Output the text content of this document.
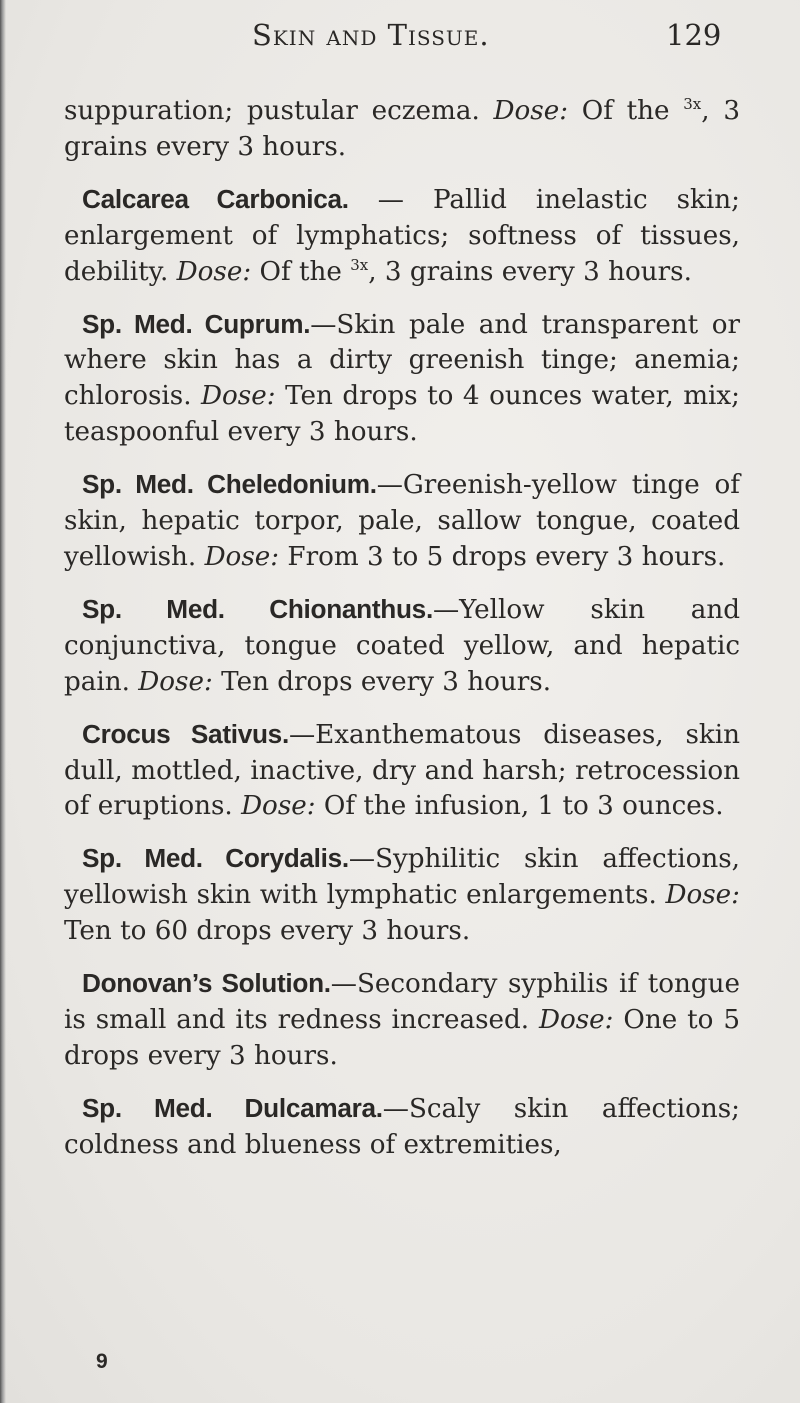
Skin and Tissue.	129

suppuration; pustular eczema. Dose: Of the $^{3x}$, 3 grains every 3 hours.

Calcarea Carbonica. — Pallid inelastic skin; enlargement of lymphatics; softness of tissues, debility. Dose: Of the $^{3x}$, 3 grains every 3 hours.

Sp. Med. Cuprum.—Skin pale and transparent or where skin has a dirty greenish tinge; anemia; chlorosis. Dose: Ten drops to 4 ounces water, mix; teaspoonful every 3 hours.

Sp. Med. Cheledonium.—Greenish-yellow tinge of skin, hepatic torpor, pale, sallow tongue, coated yellowish. Dose: From 3 to 5 drops every 3 hours.

Sp. Med. Chionanthus.—Yellow skin and conjunctiva, tongue coated yellow, and hepatic pain. Dose: Ten drops every 3 hours.

Crocus Sativus.—Exanthematous diseases, skin dull, mottled, inactive, dry and harsh; retrocession of eruptions. Dose: Of the infusion, 1 to 3 ounces.

Sp. Med. Corydalis.—Syphilitic skin affections, yellowish skin with lymphatic enlargements. Dose: Ten to 60 drops every 3 hours.

Donovan’s Solution.—Secondary syphilis if tongue is small and its redness increased. Dose: One to 5 drops every 3 hours.

Sp. Med. Dulcamara.—Scaly skin affections; coldness and blueness of extremities,

9
